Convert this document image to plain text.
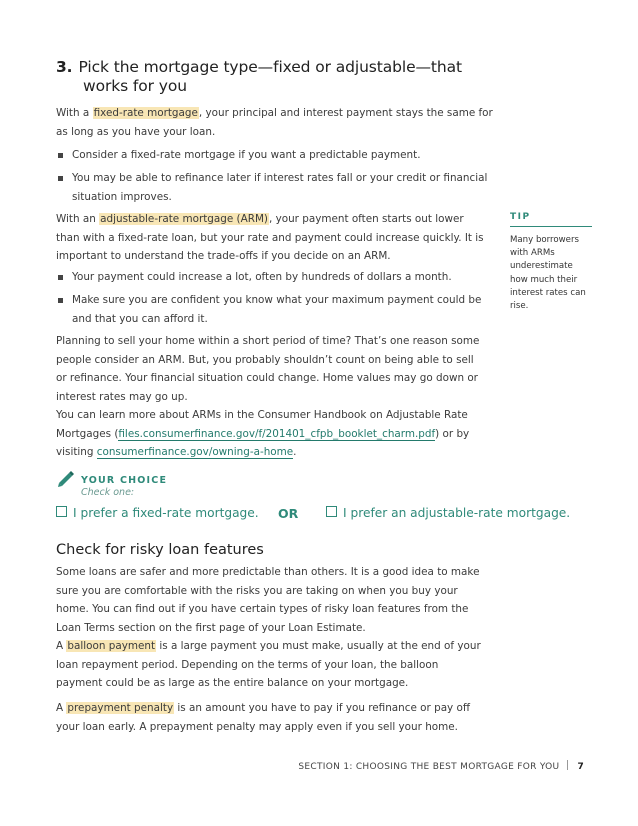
3. Pick the mortgage type—fixed or adjustable—that
works for you
With a fixed-rate mortgage, your principal and interest payment stays the same for as long as you have your loan.
Consider a fixed-rate mortgage if you want a predictable payment.
You may be able to refinance later if interest rates fall or your credit or financial situation improves.
With an adjustable-rate mortgage (ARM), your payment often starts out lower than with a fixed-rate loan, but your rate and payment could increase quickly. It is important to understand the trade-offs if you decide on an ARM.
Your payment could increase a lot, often by hundreds of dollars a month.
Make sure you are confident you know what your maximum payment could be and that you can afford it.
Planning to sell your home within a short period of time? That’s one reason some people consider an ARM. But, you probably shouldn’t count on being able to sell or refinance. Your financial situation could change. Home values may go down or interest rates may go up.
You can learn more about ARMs in the Consumer Handbook on Adjustable Rate Mortgages (files.consumerfinance.gov/f/201401_cfpb_booklet_charm.pdf) or by visiting consumerfinance.gov/owning-a-home.
TIP
Many borrowers with ARMs underestimate how much their interest rates can rise.
YOUR CHOICE
Check one:
I prefer a fixed-rate mortgage. OR	I prefer an adjustable-rate mortgage.
Check for risky loan features
Some loans are safer and more predictable than others. It is a good idea to make sure you are comfortable with the risks you are taking on when you buy your home. You can find out if you have certain types of risky loan features from the Loan Terms section on the first page of your Loan Estimate.
A balloon payment is a large payment you must make, usually at the end of your loan repayment period. Depending on the terms of your loan, the balloon payment could be as large as the entire balance on your mortgage.
A prepayment penalty is an amount you have to pay if you refinance or pay off your loan early. A prepayment penalty may apply even if you sell your home.
SECTION 1: CHOOSING THE BEST MORTGAGE FOR YOU 7
